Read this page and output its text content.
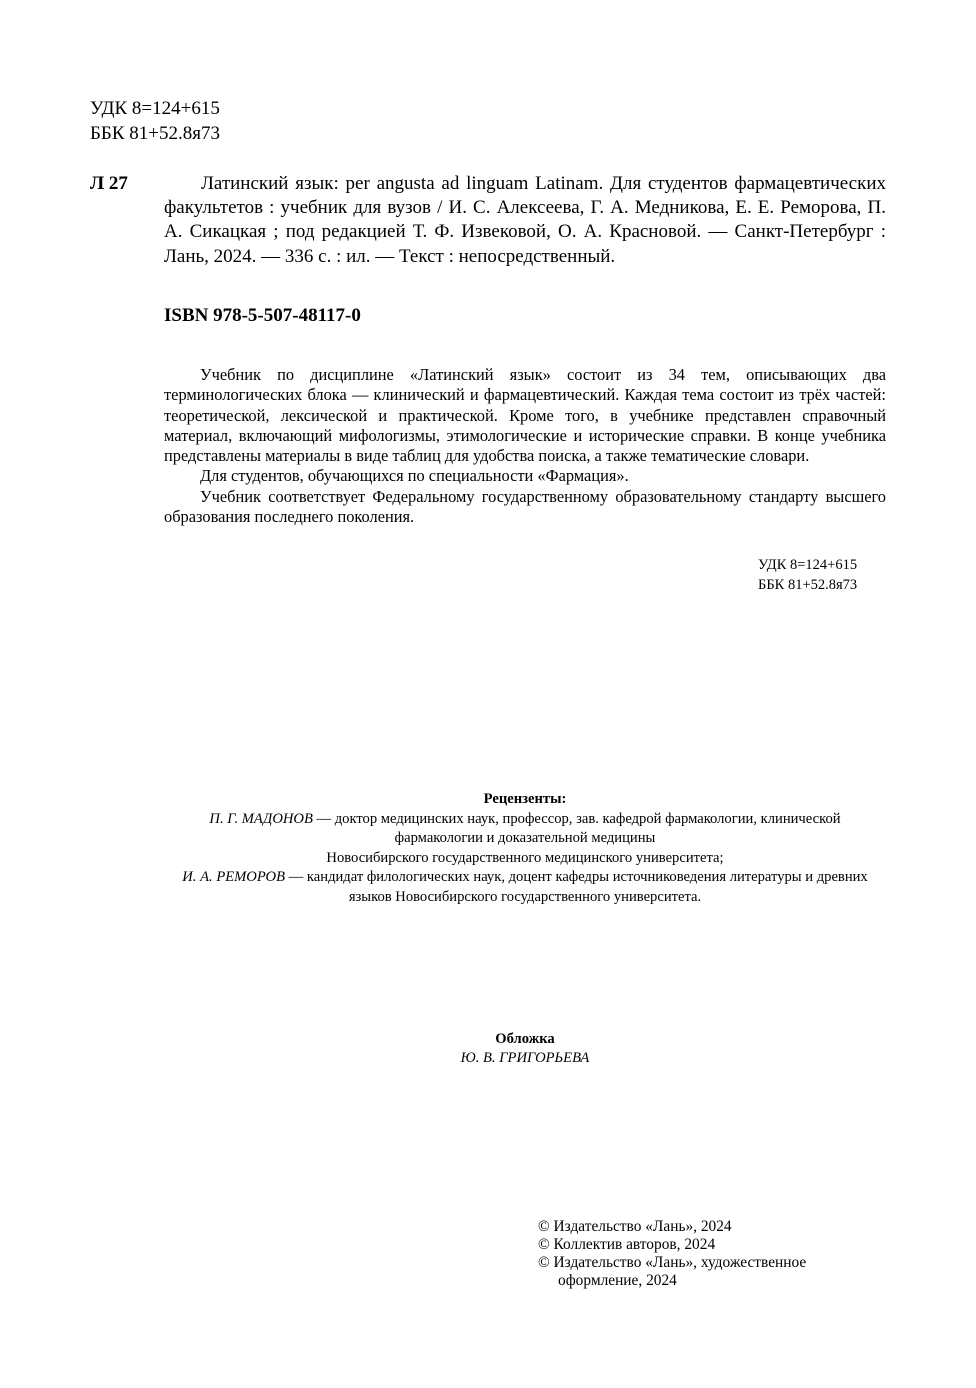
УДК 8=124+615
ББК 81+52.8я73
Л 27	Латинский язык: per angusta ad linguam Latinam. Для студентов фармацевтических факультетов : учебник для вузов / И. С. Алексеева, Г. А. Медникова, Е. Е. Реморова, П. А. Сикацкая ; под редакцией Т. Ф. Извековой, О. А. Красновой. — Санкт-Петербург : Лань, 2024. — 336 с. : ил. — Текст : непосредственный.

ISBN 978-5-507-48117-0

Учебник по дисциплине «Латинский язык» состоит из 34 тем, описывающих два терминологических блока — клинический и фармацевтический. Каждая тема состоит из трёх частей: теоретической, лексической и практической. Кроме того, в учебнике представлен справочный материал, включающий мифологизмы, этимологические и исторические справки. В конце учебника представлены материалы в виде таблиц для удобства поиска, а также тематические словари.

Для студентов, обучающихся по специальности «Фармация».

Учебник соответствует Федеральному государственному образовательному стандарту высшего образования последнего поколения.

УДК 8=124+615
ББК 81+52.8я73

Рецензенты:

П. Г. МАДОНОВ — доктор медицинских наук, профессор, зав. кафедрой фармакологии, клинической фармакологии и доказательной медицины

Новосибирского государственного медицинского университета;

И. А. РЕМОРОВ — кандидат филологических наук, доцент кафедры источниковедения литературы и древних языков Новосибирского государственного университета.

Обложка
Ю. В. ГРИГОРЬЕВА
© Издательство «Лань», 2024
© Коллектив авторов, 2024
© Издательство «Лань», художественное
оформление, 2024
